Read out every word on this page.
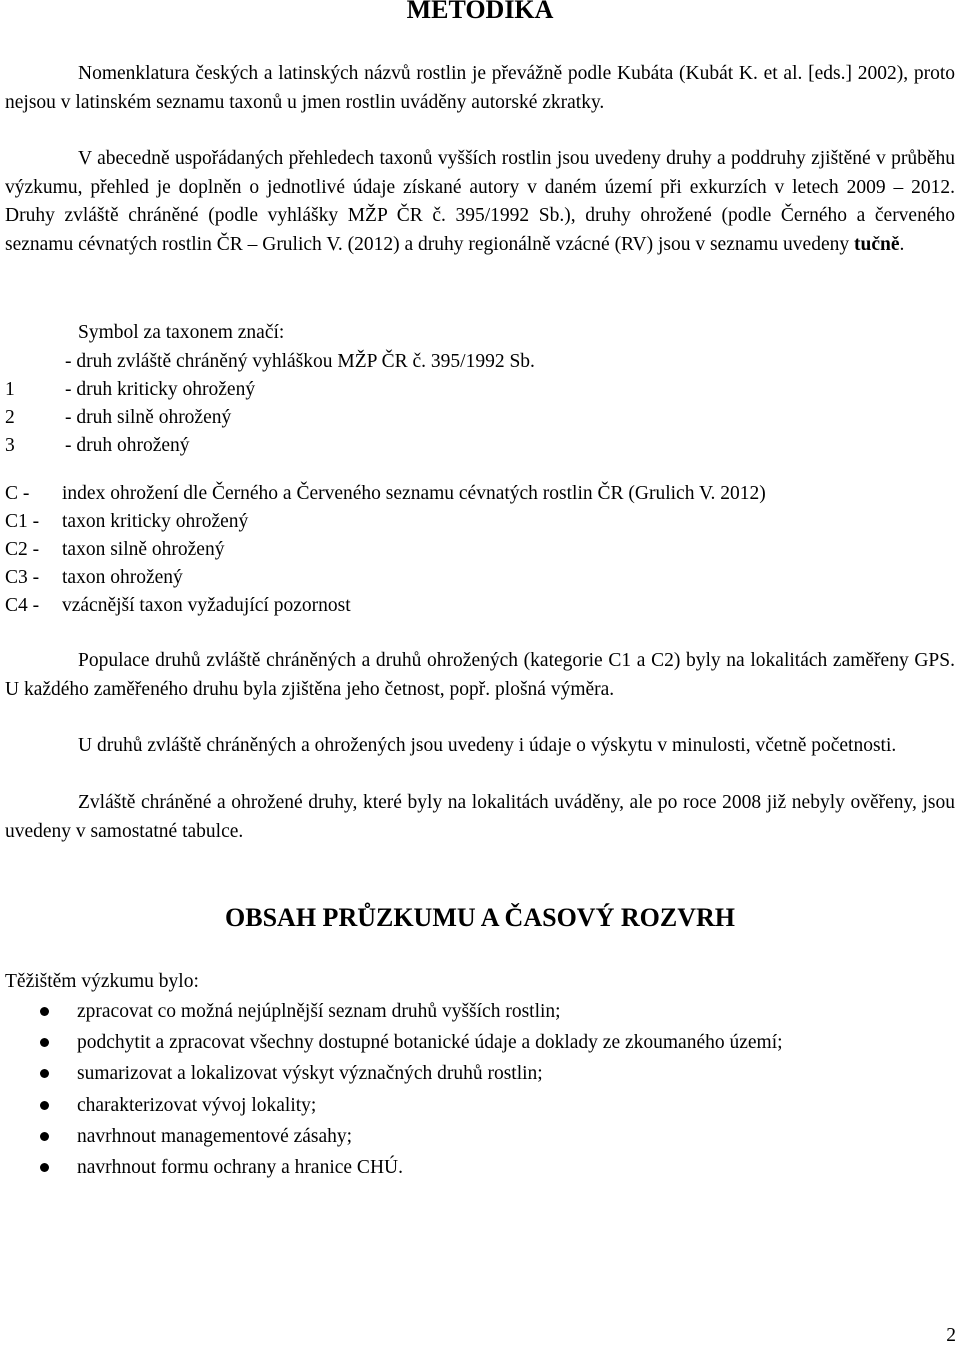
METODIKA
Nomenklatura českých a latinských názvů rostlin je převážně podle Kubáta (Kubát K. et al. [eds.] 2002), proto nejsou v latinském seznamu taxonů u jmen rostlin uváděny autorské zkratky.
V abecedně uspořádaných přehledech taxonů vyšších rostlin jsou uvedeny druhy a poddruhy zjištěné v průběhu výzkumu, přehled je doplněn o jednotlivé údaje získané autory v daném území při exkurzích v letech 2009 – 2012. Druhy zvláště chráněné (podle vyhlášky MŽP ČR č. 395/1992 Sb.), druhy ohrožené (podle Černého a červeného seznamu cévnatých rostlin ČR – Grulich V. (2012) a druhy regionálně vzácné (RV) jsou v seznamu uvedeny tučně.
Symbol za taxonem značí:
- druh zvláště chráněný vyhláškou MŽP ČR č. 395/1992 Sb.
1	- druh kriticky ohrožený
2	- druh silně ohrožený
3	- druh ohrožený
C - index ohrožení dle Černého a Červeného seznamu cévnatých rostlin ČR (Grulich V. 2012)
C1 - taxon kriticky ohrožený
C2 - taxon silně ohrožený
C3 - taxon ohrožený
C4 - vzácnější taxon vyžadující pozornost
Populace druhů zvláště chráněných a druhů ohrožených (kategorie C1 a C2) byly na lokalitách zaměřeny GPS. U každého zaměřeného druhu byla zjištěna jeho četnost, popř. plošná výměra.
U druhů zvláště chráněných a ohrožených jsou uvedeny i údaje o výskytu v minulosti, včetně početnosti.
Zvláště chráněné a ohrožené druhy, které byly na lokalitách uváděny, ale po roce 2008 již nebyly ověřeny, jsou uvedeny v samostatné tabulce.
OBSAH PRŮZKUMU A ČASOVÝ ROZVRH
Těžištěm výzkumu bylo:
zpracovat co možná nejúplnější seznam druhů vyšších rostlin;
podchytit a zpracovat všechny dostupné botanické údaje a doklady ze zkoumaného území;
sumarizovat a lokalizovat výskyt význačných druhů rostlin;
charakterizovat vývoj lokality;
navrhnout managementové zásahy;
navrhnout formu ochrany a hranice CHÚ.
2
